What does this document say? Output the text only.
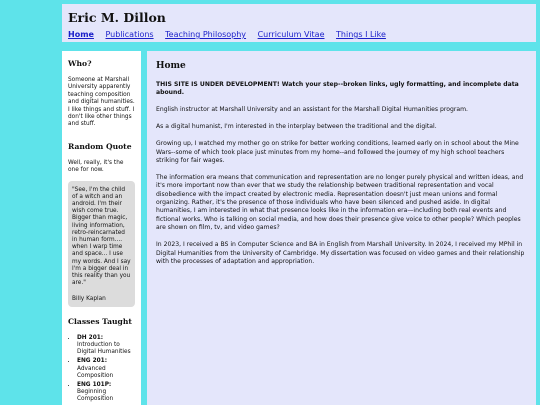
Eric M. Dillon
Home Publications Teaching Philosophy Curriculum Vitae Things I Like
Who?

Someone at Marshall University apparently teaching composition and digital humanities. I like things and stuff. I don't like other things and stuff.

Random Quote

Well, really, it's the one for now.

"See, I'm the child of a witch and an android. I'm their wish come true. Bigger than magic, living information, retro-reincarnated in human form.... when I warp time and space... I use my words. And I say I'm a bigger deal in this reality than you are."

Billy Kaplan

Classes Taught
• DH 201: Introduction to Digital Humanities
• ENG 201: Advanced Composition
• ENG 101P: Beginning Composition
Home

THIS SITE IS UNDER DEVELOPMENT! Watch your step--broken links, ugly formatting, and incomplete data abound.

English instructor at Marshall University and an assistant for the Marshall Digital Humanities program.

As a digital humanist, I'm interested in the interplay between the traditional and the digital.

Growing up, I watched my mother go on strike for better working conditions, learned early on in school about the Mine Wars--some of which took place just minutes from my home--and followed the journey of my high school teachers striking for fair wages.

The information era means that communication and representation are no longer purely physical and written ideas, and it's more important now than ever that we study the relationship between traditional representation and vocal disobedience with the impact created by electronic media. Representation doesn't just mean unions and formal organizing. Rather, it's the presence of those individuals who have been silenced and pushed aside. In digital humanities, I am interested in what that presence looks like in the information era—including both real events and fictional works. Who is talking on social media, and how does their presence give voice to other people? Which peoples are shown on film, tv, and video games?

In 2023, I received a BS in Computer Science and BA in English from Marshall University. In 2024, I received my MPhil in Digital Humanities from the University of Cambridge. My dissertation was focused on video games and their relationship with the processes of adaptation and appropriation.
